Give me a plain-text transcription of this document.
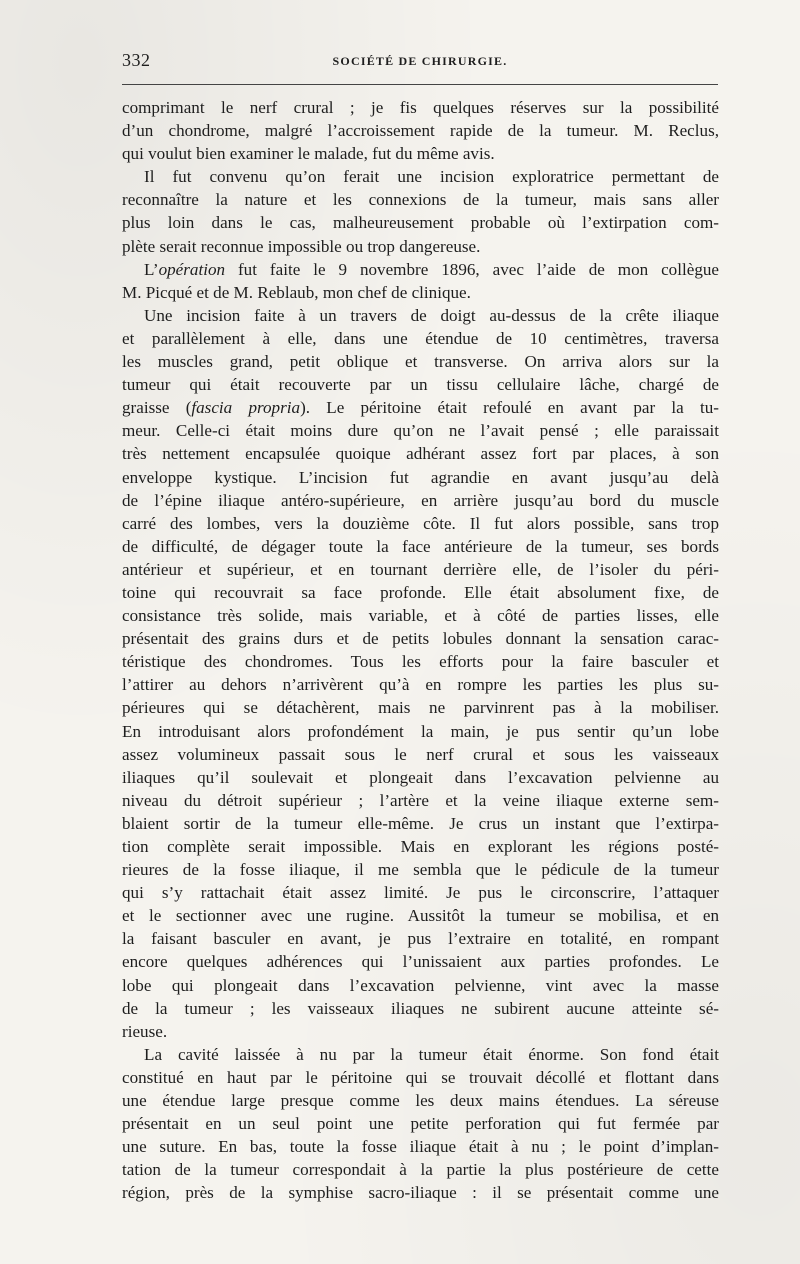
332	SOCIÉTÉ DE CHIRURGIE.
comprimant le nerf crural ; je fis quelques réserves sur la possibilité
d’un chondrome, malgré l’accroissement rapide de la tumeur. M. Reclus,
qui voulut bien examiner le malade, fut du même avis.
Il fut convenu qu’on ferait une incision exploratrice permettant de
reconnaître la nature et les connexions de la tumeur, mais sans aller
plus loin dans le cas, malheureusement probable où l’extirpation com-
plète serait reconnue impossible ou trop dangereuse.
L’opération fut faite le 9 novembre 1896, avec l’aide de mon collègue
M. Picqué et de M. Reblaub, mon chef de clinique.
Une incision faite à un travers de doigt au-dessus de la crête iliaque
et parallèlement à elle, dans une étendue de 10 centimètres, traversa
les muscles grand, petit oblique et transverse. On arriva alors sur la
tumeur qui était recouverte par un tissu cellulaire lâche, chargé de
graisse (fascia propria). Le péritoine était refoulé en avant par la tu-
meur. Celle-ci était moins dure qu’on ne l’avait pensé ; elle paraissait
très nettement encapsulée quoique adhérant assez fort par places, à son
enveloppe kystique. L’incision fut agrandie en avant jusqu’au delà
de l’épine iliaque antéro-supérieure, en arrière jusqu’au bord du muscle
carré des lombes, vers la douzième côte. Il fut alors possible, sans trop
de difficulté, de dégager toute la face antérieure de la tumeur, ses bords
antérieur et supérieur, et en tournant derrière elle, de l’isoler du péri-
toine qui recouvrait sa face profonde. Elle était absolument fixe, de
consistance très solide, mais variable, et à côté de parties lisses, elle
présentait des grains durs et de petits lobules donnant la sensation carac-
téristique des chondromes. Tous les efforts pour la faire basculer et
l’attirer au dehors n’arrivèrent qu’à en rompre les parties les plus su-
périeures qui se détachèrent, mais ne parvinrent pas à la mobiliser.
En introduisant alors profondément la main, je pus sentir qu’un lobe
assez volumineux passait sous le nerf crural et sous les vaisseaux
iliaques qu’il soulevait et plongeait dans l’excavation pelvienne au
niveau du détroit supérieur ; l’artère et la veine iliaque externe sem-
blaient sortir de la tumeur elle-même. Je crus un instant que l’extirpa-
tion complète serait impossible. Mais en explorant les régions posté-
rieures de la fosse iliaque, il me sembla que le pédicule de la tumeur
qui s’y rattachait était assez limité. Je pus le circonscrire, l’attaquer
et le sectionner avec une rugine. Aussitôt la tumeur se mobilisa, et en
la faisant basculer en avant, je pus l’extraire en totalité, en rompant
encore quelques adhérences qui l’unissaient aux parties profondes. Le
lobe qui plongeait dans l’excavation pelvienne, vint avec la masse
de la tumeur ; les vaisseaux iliaques ne subirent aucune atteinte sé-
rieuse.
La cavité laissée à nu par la tumeur était énorme. Son fond était
constitué en haut par le péritoine qui se trouvait décollé et flottant dans
une étendue large presque comme les deux mains étendues. La séreuse
présentait en un seul point une petite perforation qui fut fermée par
une suture. En bas, toute la fosse iliaque était à nu ; le point d’implan-
tation de la tumeur correspondait à la partie la plus postérieure de cette
région, près de la symphise sacro-iliaque : il se présentait comme une
